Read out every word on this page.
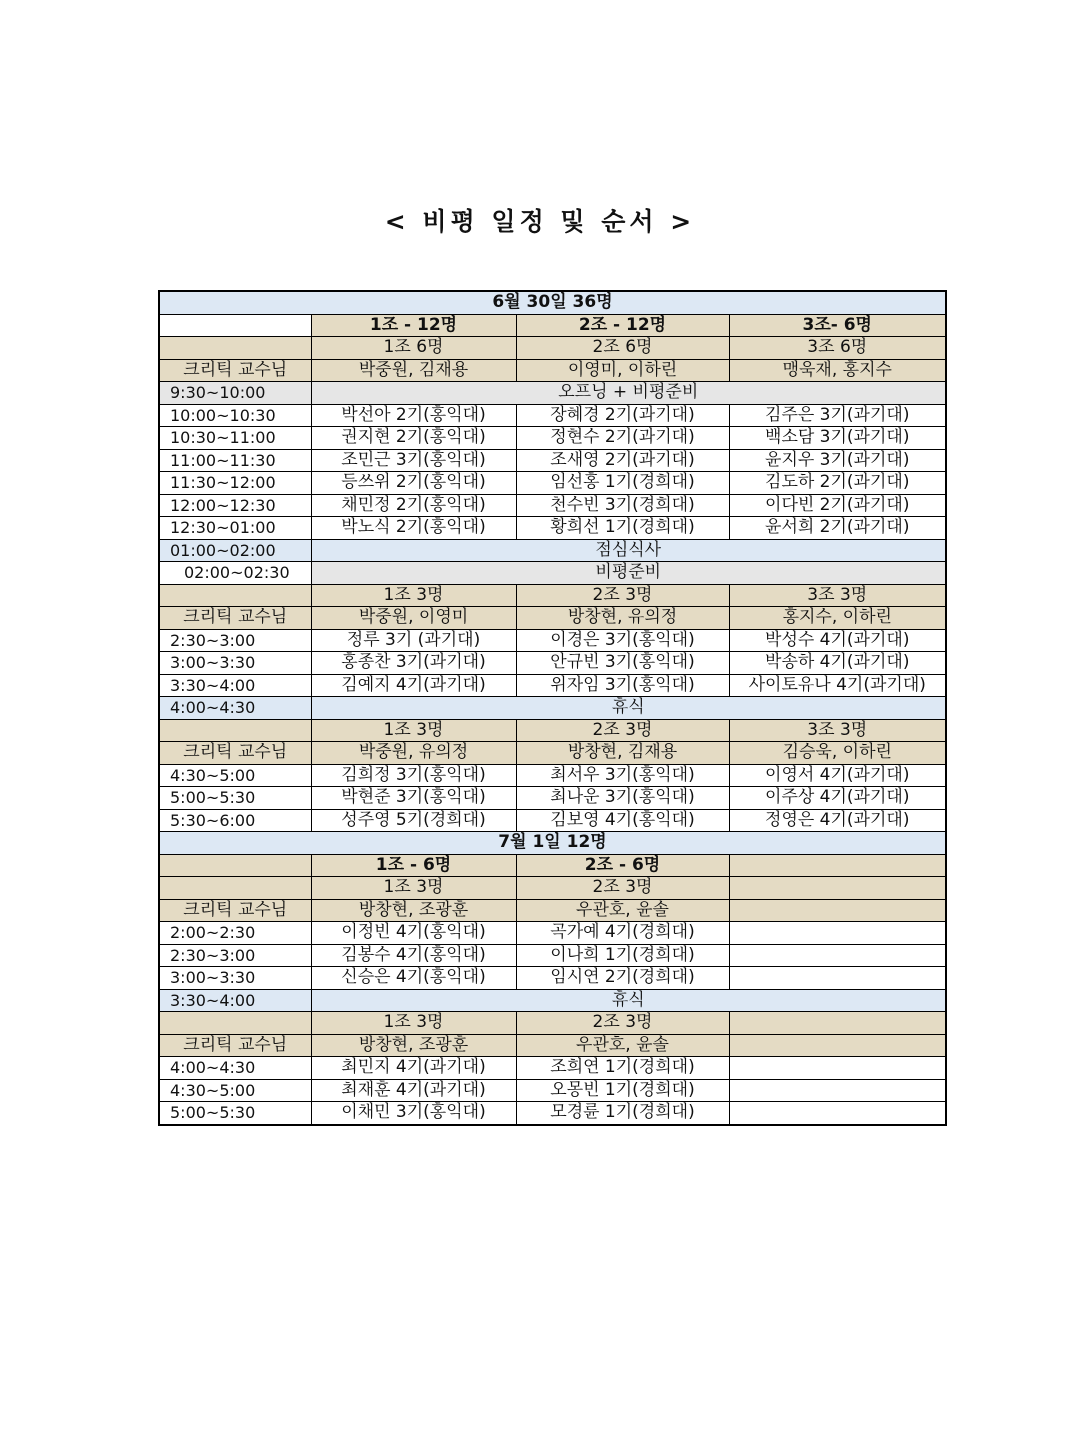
< 비평 일정 및 순서 >
6월 30일 36명			
	1조 - 12명	2조 - 12명	3조- 6명
	1조 6명	2조 6명	3조 6명
크리틱 교수님	박중원, 김재용	이영미, 이하린	맹욱재, 홍지수
9:30~10:00	오프닝 + 비평준비		
10:00~10:30	박선아 2기(홍익대)	장혜경 2기(과기대)	김주은 3기(과기대)
10:30~11:00	권지현 2기(홍익대)	정현수 2기(과기대)	백소담 3기(과기대)
11:00~11:30	조민근 3기(홍익대)	조새영 2기(과기대)	윤지우 3기(과기대)
11:30~12:00	등쓰위 2기(홍익대)	임선홍 1기(경희대)	김도하 2기(과기대)
12:00~12:30	채민정 2기(홍익대)	천수빈 3기(경희대)	이다빈 2기(과기대)
12:30~01:00	박노식 2기(홍익대)	황희선 1기(경희대)	윤서희 2기(과기대)
01:00~02:00	점심식사		
02:00~02:30	비평준비		
	1조 3명	2조 3명	3조 3명
크리틱 교수님	박중원, 이영미	방창현, 유의정	홍지수, 이하린
2:30~3:00	정루 3기 (과기대)	이경은 3기(홍익대)	박성수 4기(과기대)
3:00~3:30	홍종찬 3기(과기대)	안규빈 3기(홍익대)	박송하 4기(과기대)
3:30~4:00	김예지 4기(과기대)	위자임 3기(홍익대)	사이토유나 4기(과기대)
4:00~4:30	휴식		
	1조 3명	2조 3명	3조 3명
크리틱 교수님	박중원, 유의정	방창현, 김재용	김승욱, 이하린
4:30~5:00	김희정 3기(홍익대)	최서우 3기(홍익대)	이영서 4기(과기대)
5:00~5:30	박현준 3기(홍익대)	최나운 3기(홍익대)	이주상 4기(과기대)
5:30~6:00	성주영 5기(경희대)	김보영 4기(홍익대)	정영은 4기(과기대)
7월 1일 12명			
	1조 - 6명	2조 - 6명	
	1조 3명	2조 3명	
크리틱 교수님	방창현, 조광훈	우관호, 윤솔	
2:00~2:30	이정빈 4기(홍익대)	곡가예 4기(경희대)	
2:30~3:00	김봉수 4기(홍익대)	이나희 1기(경희대)	
3:00~3:30	신승은 4기(홍익대)	임시연 2기(경희대)	
3:30~4:00	휴식		
	1조 3명	2조 3명	
크리틱 교수님	방창현, 조광훈	우관호, 윤솔	
4:00~4:30	최민지 4기(과기대)	조희연 1기(경희대)	
4:30~5:00	최재훈 4기(과기대)	오몽빈 1기(경희대)	
5:00~5:30	이채민 3기(홍익대)	모경륜 1기(경희대)	
